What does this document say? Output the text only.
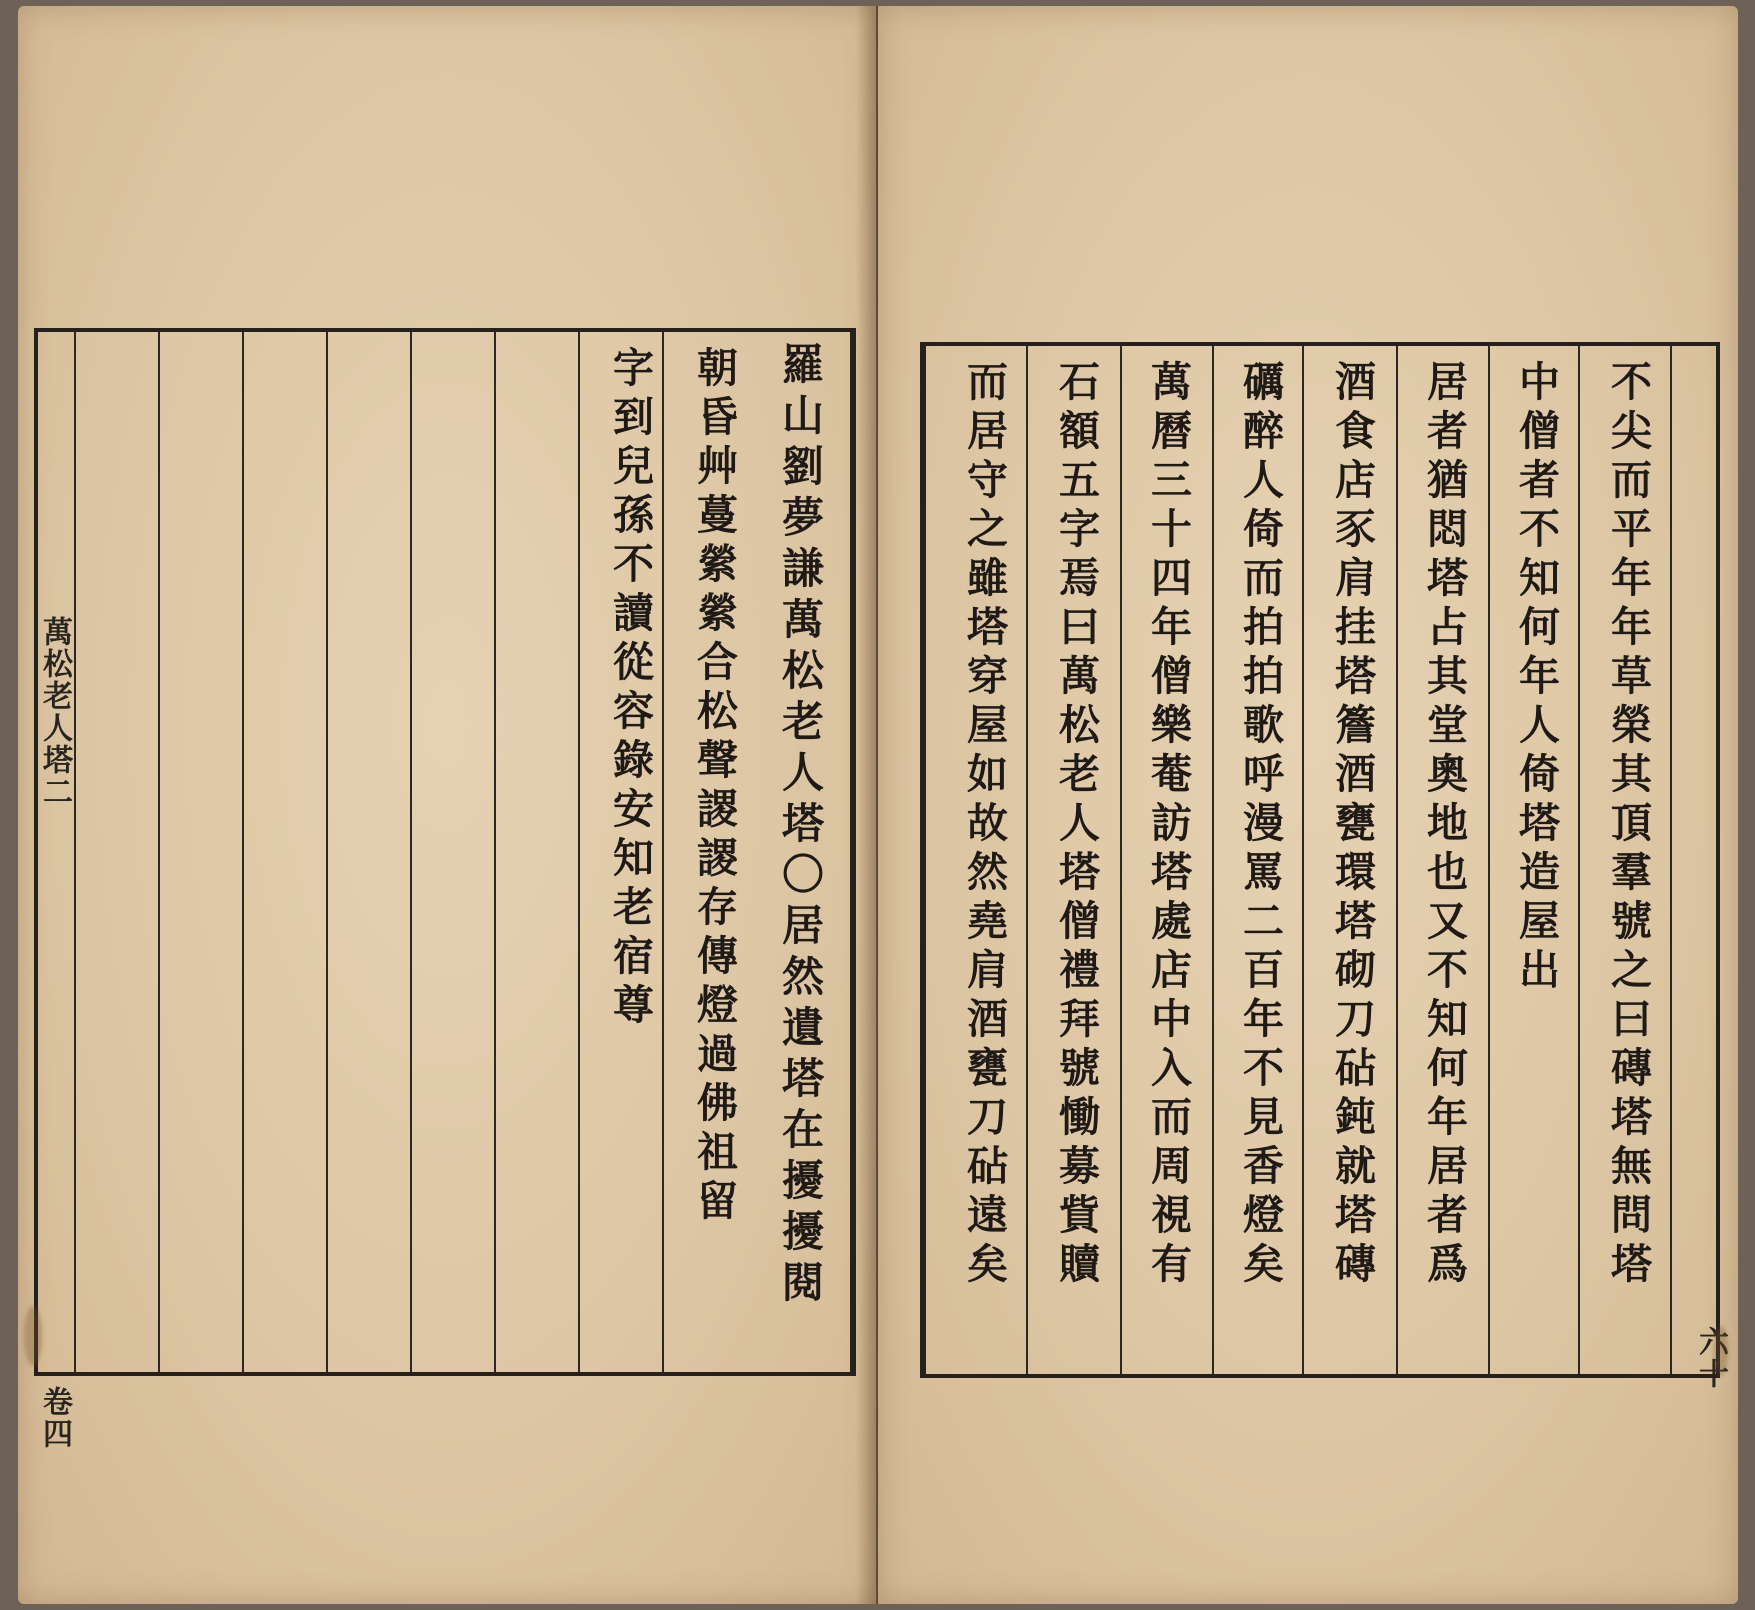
羅山劉夢謙萬松老人塔〇居然遺塔在擾擾閱
朝昏艸蔓縈縈合松聲謖謖存傳燈過佛祖留
字到兒孫不讀從容錄安知老宿尊
萬松老人塔二
卷四
不尖而平年年草榮其頂羣號之曰磚塔無問塔
中僧者不知何年人倚塔造屋出
居者猶悶塔占其堂奧地也又不知何年居者爲
酒食店豕肩挂塔簷酒甕環塔砌刀砧鈍就塔磚
礪醉人倚而拍拍歌呼漫罵二百年不見香燈矣
萬曆三十四年僧樂菴訪塔處店中入而周視有
石額五字焉曰萬松老人塔僧禮拜號慟募貲贖
而居守之雖塔穿屋如故然堯肩酒甕刀砧遠矣
六十
